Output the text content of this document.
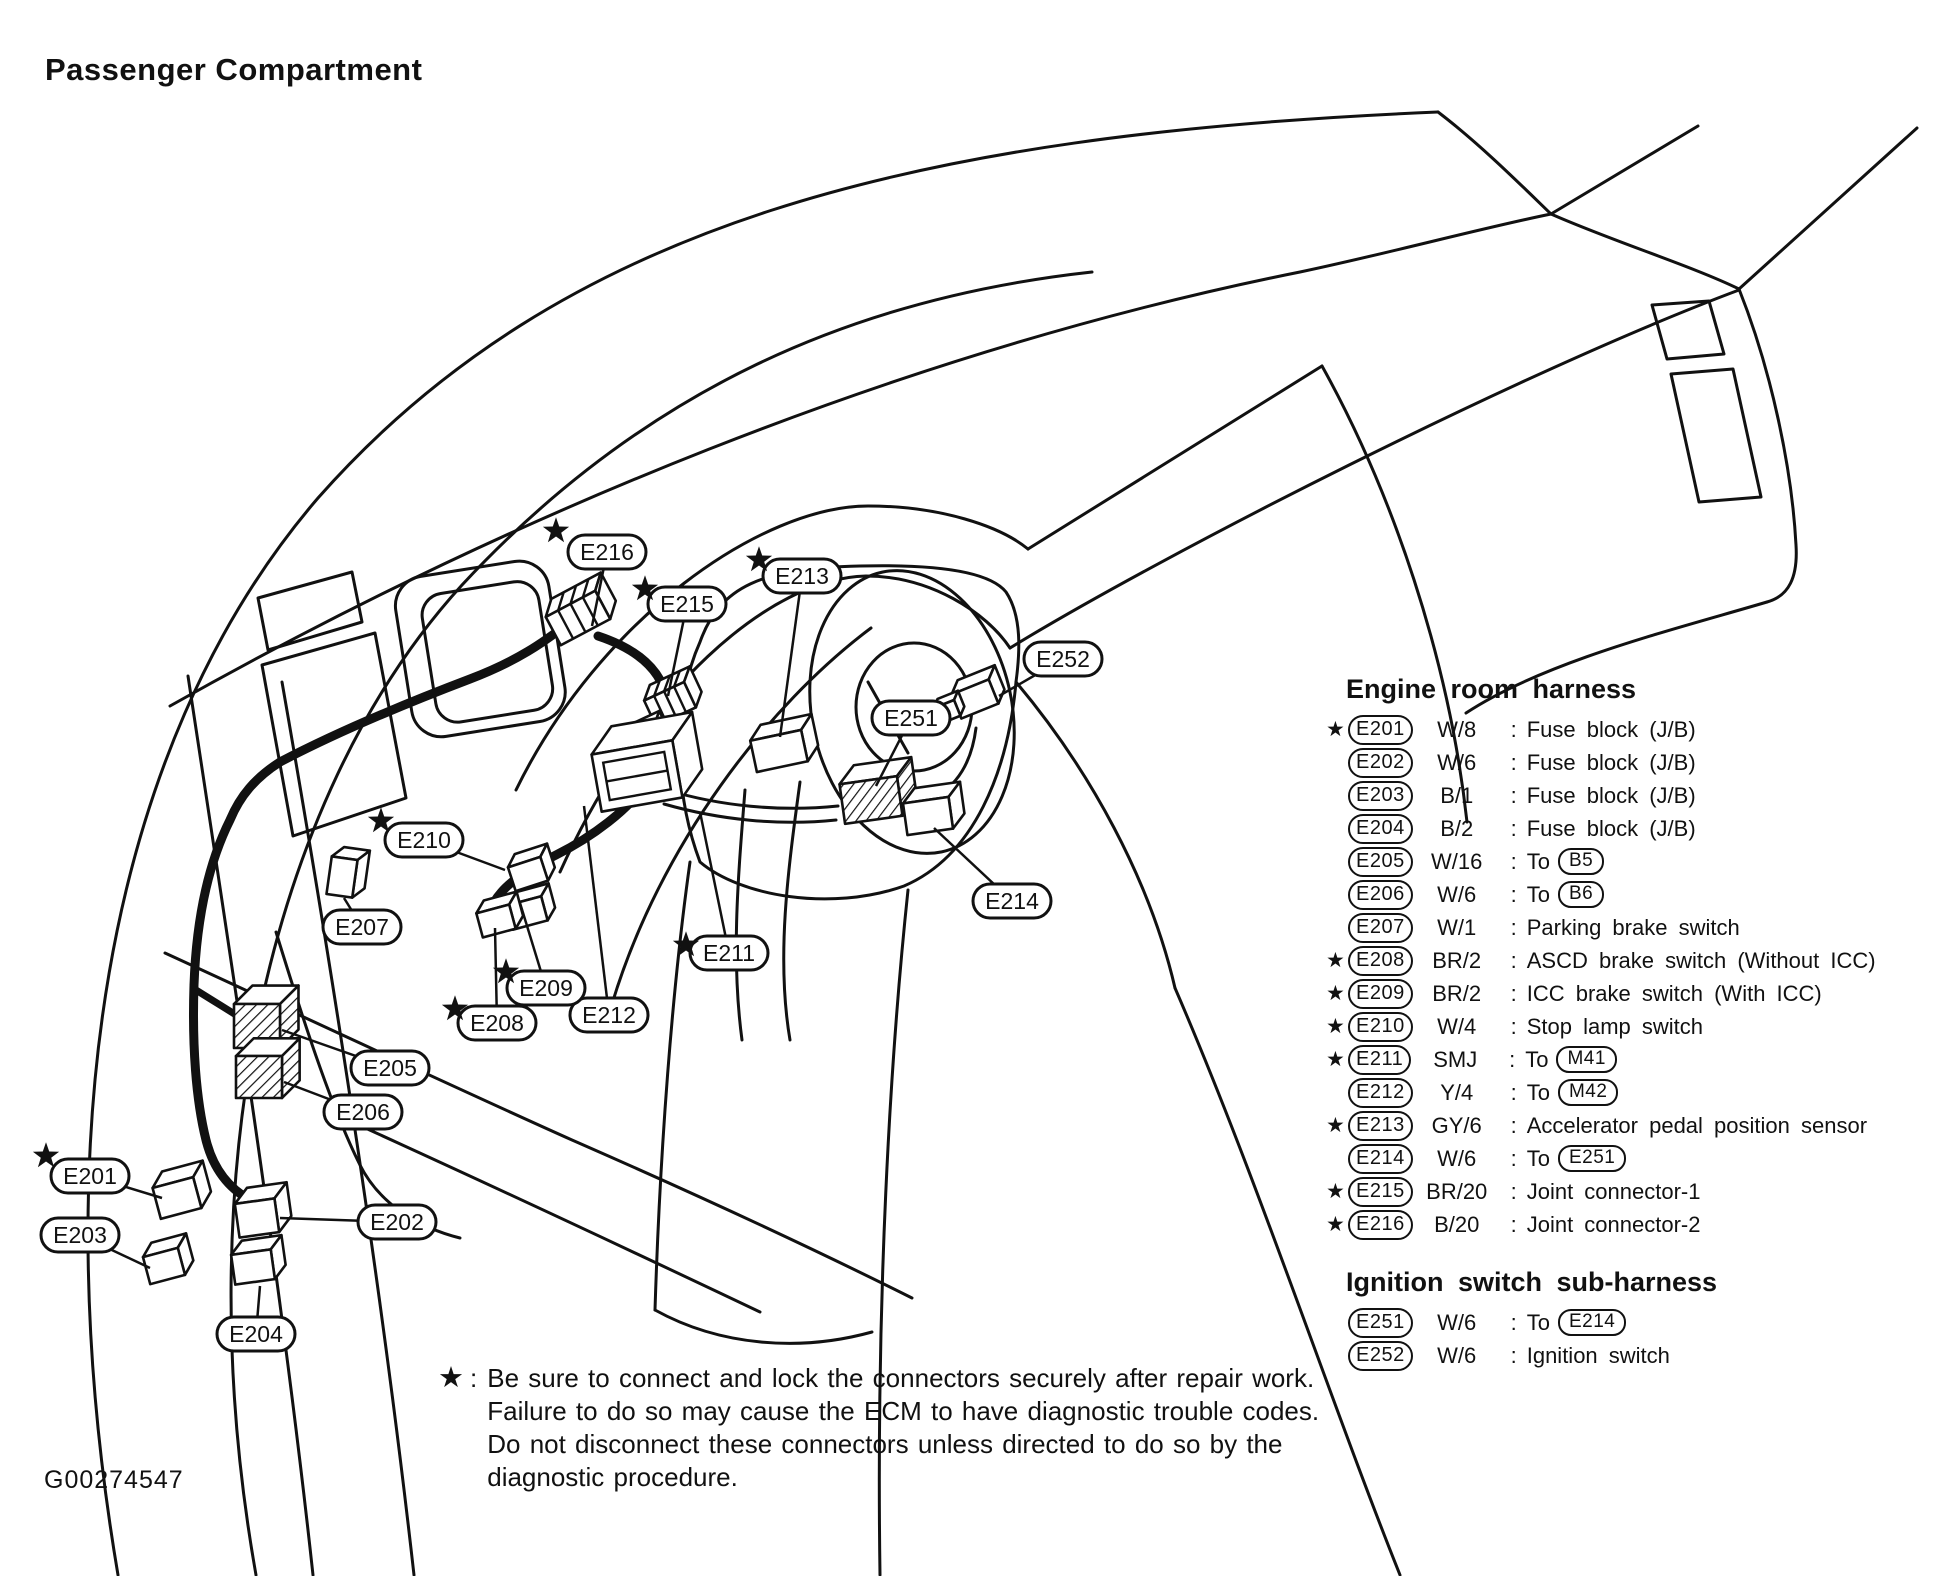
Passenger Compartment
E216
E215
E213
E252
E251
E214
E211
E212
E209
E208
E210
E207
E205
E206
E201
E203	E202
E204
Engine room harness
★ E201	W/8	: Fuse block (J/B)
E202	W/6	: Fuse block (J/B)
E203	B/1	: Fuse block (J/B)
E204	B/2	: Fuse block (J/B)
E205	W/16	: To	B5
E206	W/6	: To	B6
E207	W/1	: Parking brake switch
★ E208	BR/2	: ASCD brake switch (Without ICC)
★ E209	BR/2	: ICC brake switch (With ICC)
★ E210	W/4	: Stop lamp switch
★ E211	SMJ	: To	M41
E212	Y/4	: To	M42
★ E213	GY/6	: Accelerator pedal position sensor
E214	W/6	: To	E251
★ E215 BR/20	: Joint connector-1
★ E216	B/20	: Joint connector-2
Ignition switch sub-harness
E251	W/6	: To	E214
E252	W/6	: Ignition switch
★ : Be sure to connect and lock the connectors securely after repair work.
Failure to do so may cause the ECM to have diagnostic trouble codes.
Do not disconnect these connectors unless directed to do so by the
diagnostic procedure.
G00274547
